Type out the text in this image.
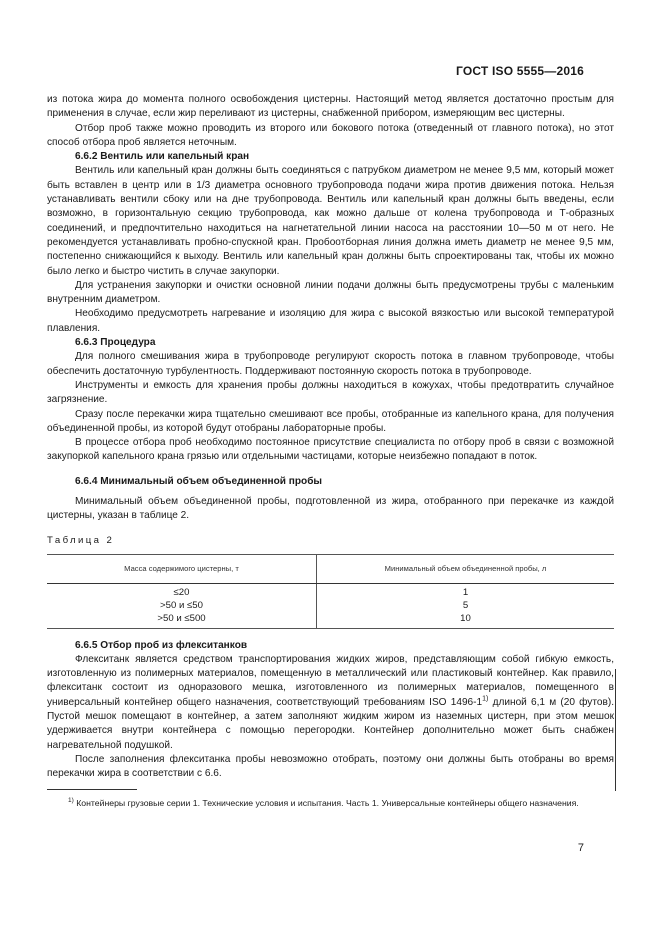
ГОСТ ISO 5555—2016

из потока жира до момента полного освобождения цистерны. Настоящий метод является достаточно простым для применения в случае, если жир переливают из цистерны, снабженной прибором, измеряющим вес цистерны.

Отбор проб также можно проводить из второго или бокового потока (отведенный от главного потока), но этот способ отбора проб является неточным.

6.6.2 Вентиль или капельный кран

Вентиль или капельный кран должны быть соединяться с патрубком диаметром не менее 9,5 мм, который может быть вставлен в центр или в 1/3 диаметра основного трубопровода подачи жира против движения потока. Нельзя устанавливать вентили сбоку или на дне трубопровода. Вентиль или капельный кран должны быть введены, если возможно, в горизонтальную секцию трубопровода, как можно дальше от колена трубопровода и Т-образных соединений, и предпочтительно находиться на нагнетательной линии насоса на расстоянии 10—50 м от него. Не рекомендуется устанавливать пробно-спускной кран. Пробоотборная линия должна иметь диаметр не менее 9,5 мм, постепенно снижающийся к выходу. Вентиль или капельный кран должны быть спроектированы так, чтобы их можно было легко и быстро чистить в случае закупорки.

Для устранения закупорки и очистки основной линии подачи должны быть предусмотрены трубы с маленьким внутренним диаметром.

Необходимо предусмотреть нагревание и изоляцию для жира с высокой вязкостью или высокой температурой плавления.

6.6.3 Процедура

Для полного смешивания жира в трубопроводе регулируют скорость потока в главном трубопроводе, чтобы обеспечить достаточную турбулентность. Поддерживают постоянную скорость потока в трубопроводе.

Инструменты и емкость для хранения пробы должны находиться в кожухах, чтобы предотвратить случайное загрязнение.

Сразу после перекачки жира тщательно смешивают все пробы, отобранные из капельного крана, для получения объединенной пробы, из которой будут отобраны лабораторные пробы.

В процессе отбора проб необходимо постоянное присутствие специалиста по отбору проб в связи с возможной закупоркой капельного крана грязью или отдельными частицами, которые неизбежно попадают в поток.

6.6.4 Минимальный объем объединенной пробы

Минимальный объем объединенной пробы, подготовленной из жира, отобранного при перекачке из каждой цистерны, указан в таблице 2.

Таблица 2
Масса содержимого цистерны, т	Минимальный объем объединенной пробы, л
≤20	1
>50 и ≤50	5
>50 и ≤500	10
6.6.5 Отбор проб из флекситанков

Флекситанк является средством транспортирования жидких жиров, представляющим собой гибкую емкость, изготовленную из полимерных материалов, помещенную в металлический или пластиковый контейнер. Как правило, флекситанк состоит из одноразового мешка, изготовленного из полимерных материалов, помещенного в универсальный контейнер общего назначения, соответствующий требованиям ISO 1496-1$^{1)}$ длиной 6,1 м (20 футов). Пустой мешок помещают в контейнер, а затем заполняют жидким жиром из наземных цистерн, при этом мешок удерживается внутри контейнера с помощью перегородки. Контейнер дополнительно может быть снабжен нагревательной подушкой.

После заполнения флекситанка пробы невозможно отобрать, поэтому они должны быть отобраны во время перекачки жира в соответствии с 6.6.

$^{1)}$ Контейнеры грузовые серии 1. Технические условия и испытания. Часть 1. Универсальные контейнеры общего назначения.

7
